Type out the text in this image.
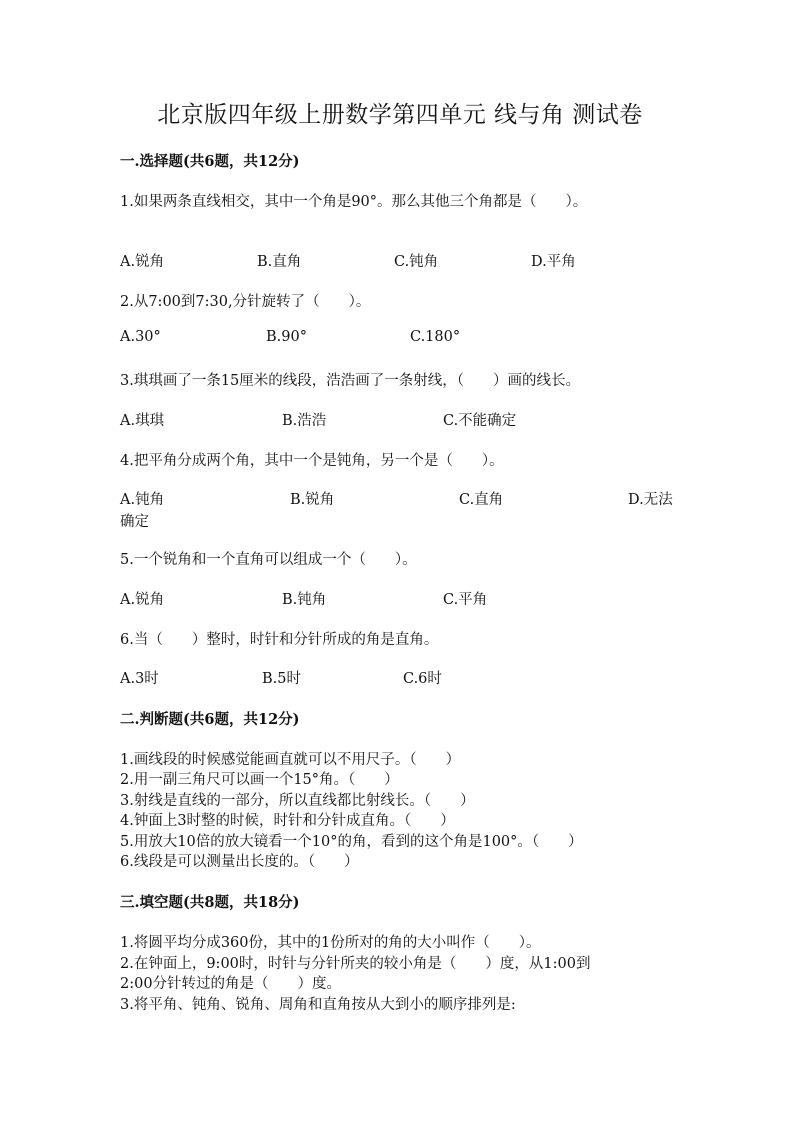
北京版四年级上册数学第四单元 线与角 测试卷
一.选择题(共6题，共12分)
1.如果两条直线相交，其中一个角是90°。那么其他三个角都是（　　）。
A.锐角	B.直角	C.钝角	D.平角
2.从7:00到7:30,分针旋转了（　　）。
A.30°	B.90°	C.180°
3.琪琪画了一条15厘米的线段，浩浩画了一条射线，（　　）画的线长。
A.琪琪	B.浩浩	C.不能确定
4.把平角分成两个角，其中一个是钝角，另一个是（　　）。
A.钝角	B.锐角	C.直角	D.无法
确定
5.一个锐角和一个直角可以组成一个（　　）。
A.锐角	B.钝角	C.平角
6.当（　　）整时，时针和分针所成的角是直角。
A.3时	B.5时	C.6时
二.判断题(共6题，共12分)
1.画线段的时候感觉能画直就可以不用尺子。（　　）
2.用一副三角尺可以画一个15°角。（　　）
3.射线是直线的一部分，所以直线都比射线长。（　　）
4.钟面上3时整的时候，时针和分针成直角。（　　）
5.用放大10倍的放大镜看一个10°的角，看到的这个角是100°。（　　）
6.线段是可以测量出长度的。（　　）
三.填空题(共8题，共18分)
1.将圆平均分成360份，其中的1份所对的角的大小叫作（　　）。
2.在钟面上，9:00时，时针与分针所夹的较小角是（　　）度，从1:00到
2:00分针转过的角是（　　）度。
3.将平角、钝角、锐角、周角和直角按从大到小的顺序排列是:
